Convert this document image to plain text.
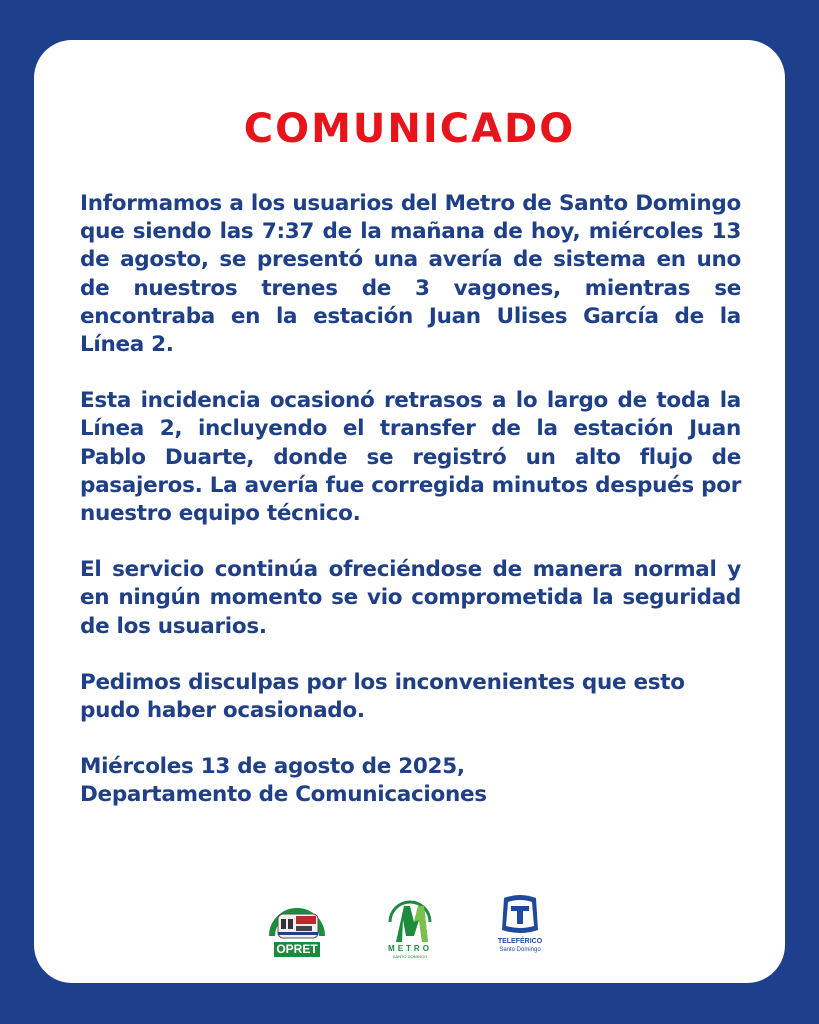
COMUNICADO

Informamos a los usuarios del Metro de Santo Domingo que siendo las 7:37 de la mañana de hoy, miércoles 13 de agosto, se presentó una avería de sistema en uno de nuestros trenes de 3 vagones, mientras se encontraba en la estación Juan Ulises García de la Línea 2.

Esta incidencia ocasionó retrasos a lo largo de toda la Línea 2, incluyendo el transfer de la estación Juan Pablo Duarte, donde se registró un alto flujo de pasajeros. La avería fue corregida minutos después por nuestro equipo técnico.

El servicio continúa ofreciéndose de manera normal y en ningún momento se vio comprometida la seguridad de los usuarios.

Pedimos disculpas por los inconvenientes que esto pudo haber ocasionado.

Miércoles 13 de agosto de 2025,

Departamento de Comunicaciones

OPRET	METRO
SANTO DOMINGO
TELEFÉRICO
Santo Domingo
